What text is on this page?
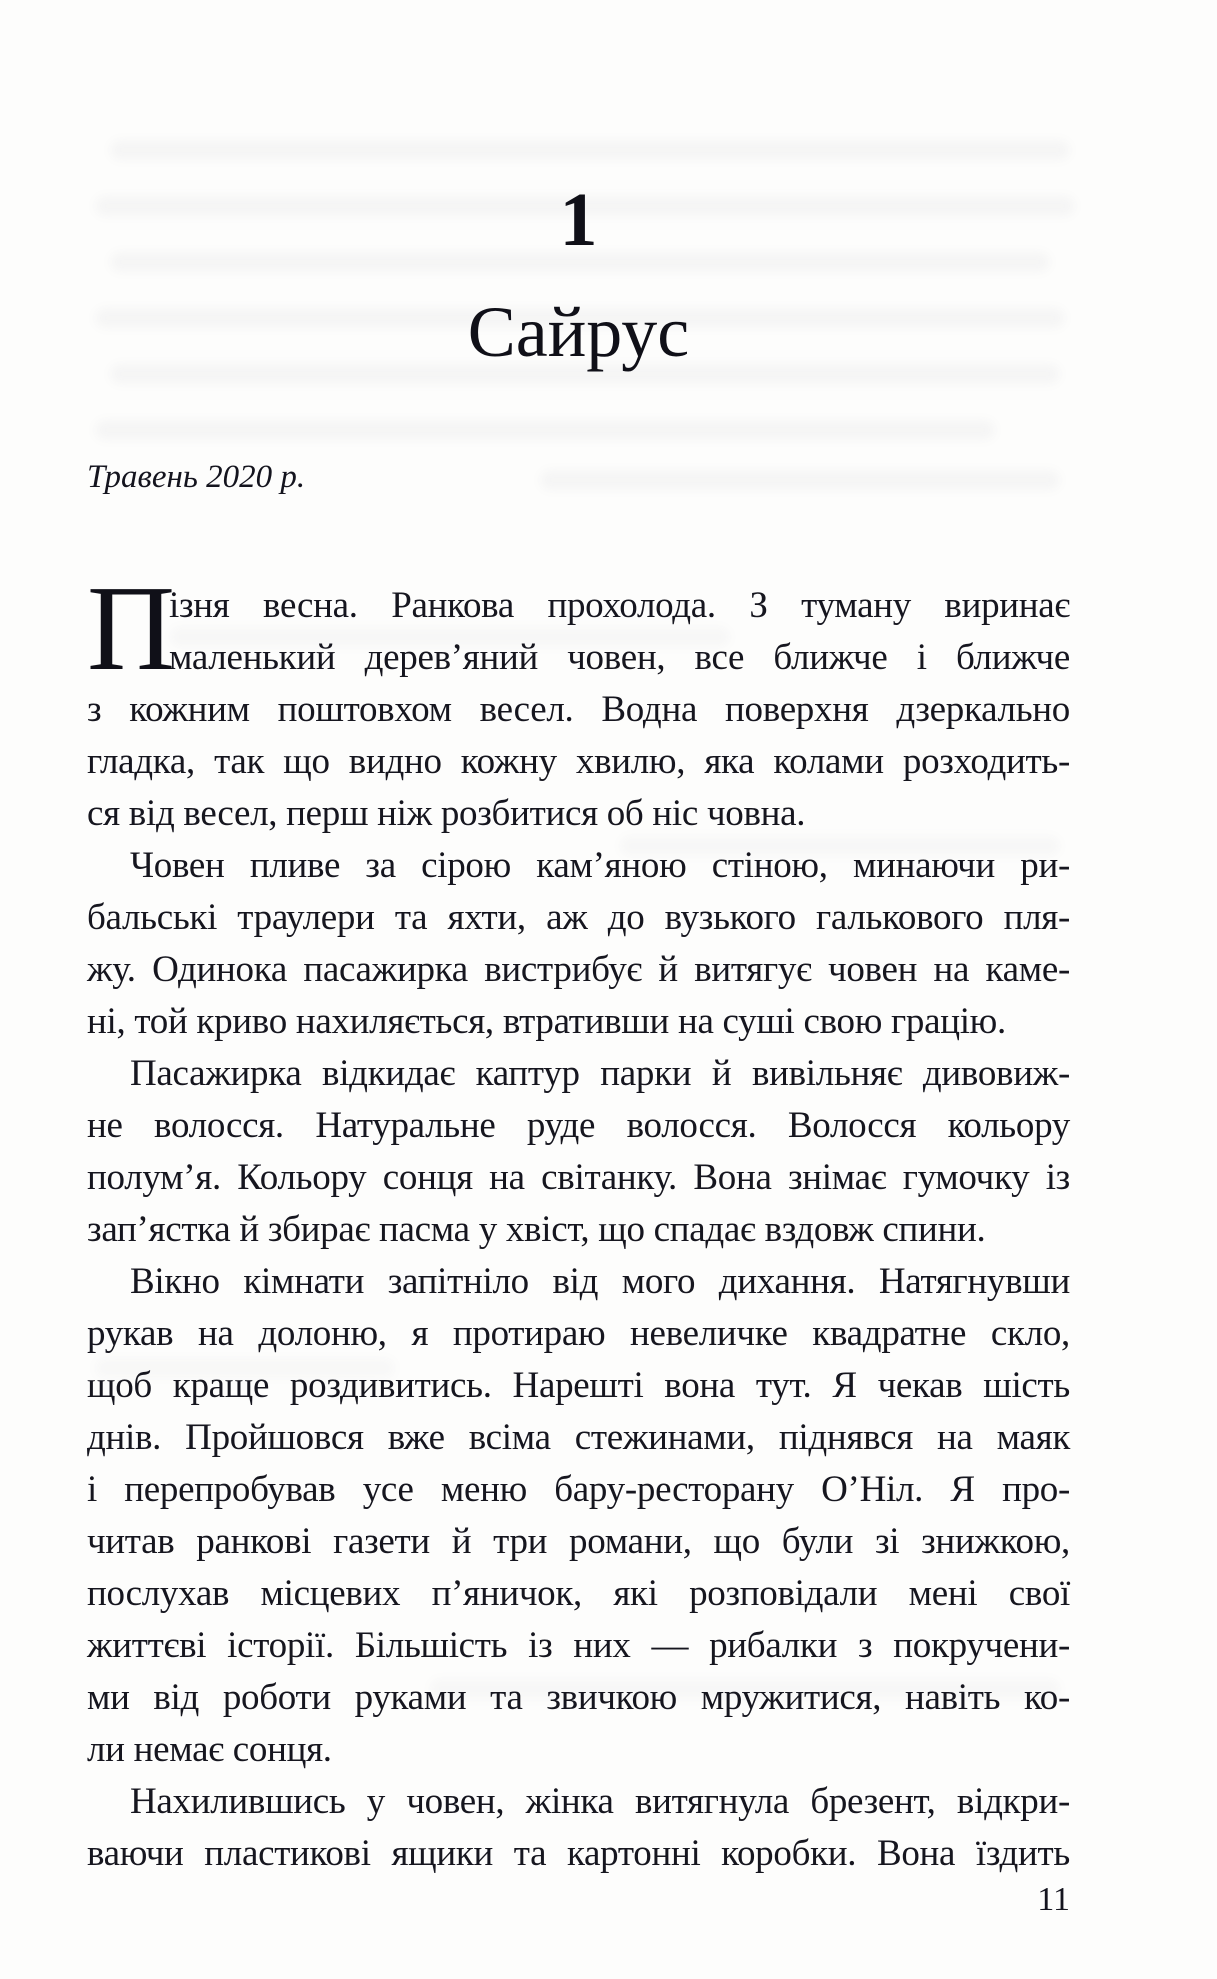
1
Сайрус
Травень 2020 р.
П
ізня весна. Ранкова прохолода. З туману виринає
маленький дерев’яний човен, все ближче і ближче
з кожним поштовхом весел. Водна поверхня дзеркально
гладка, так що видно кожну хвилю, яка колами розходить-
ся від весел, перш ніж розбитися об ніс човна.
Човен пливе за сірою кам’яною стіною, минаючи ри-
бальські траулери та яхти, аж до вузького галькового пля-
жу. Одинока пасажирка вистрибує й витягує човен на каме-
ні, той криво нахиляється, втративши на суші свою грацію.
Пасажирка відкидає каптур парки й вивільняє дивовиж-
не волосся. Натуральне руде волосся. Волосся кольору
полум’я. Кольору сонця на світанку. Вона знімає гумочку із
зап’ястка й збирає пасма у хвіст, що спадає вздовж спини.
Вікно кімнати запітніло від мого дихання. Натягнувши
рукав на долоню, я протираю невеличке квадратне скло,
щоб краще роздивитись. Нарешті вона тут. Я чекав шість
днів. Пройшовся вже всіма стежинами, піднявся на маяк
і перепробував усе меню бару-ресторану О’Ніл. Я про-
читав ранкові газети й три романи, що були зі знижкою,
послухав місцевих п’яничок, які розповідали мені свої
життєві історії. Більшість із них — рибалки з покручени-
ми від роботи руками та звичкою мружитися, навіть ко-
ли немає сонця.
Нахилившись у човен, жінка витягнула брезент, відкри-
ваючи пластикові ящики та картонні коробки. Вона їздить
11
